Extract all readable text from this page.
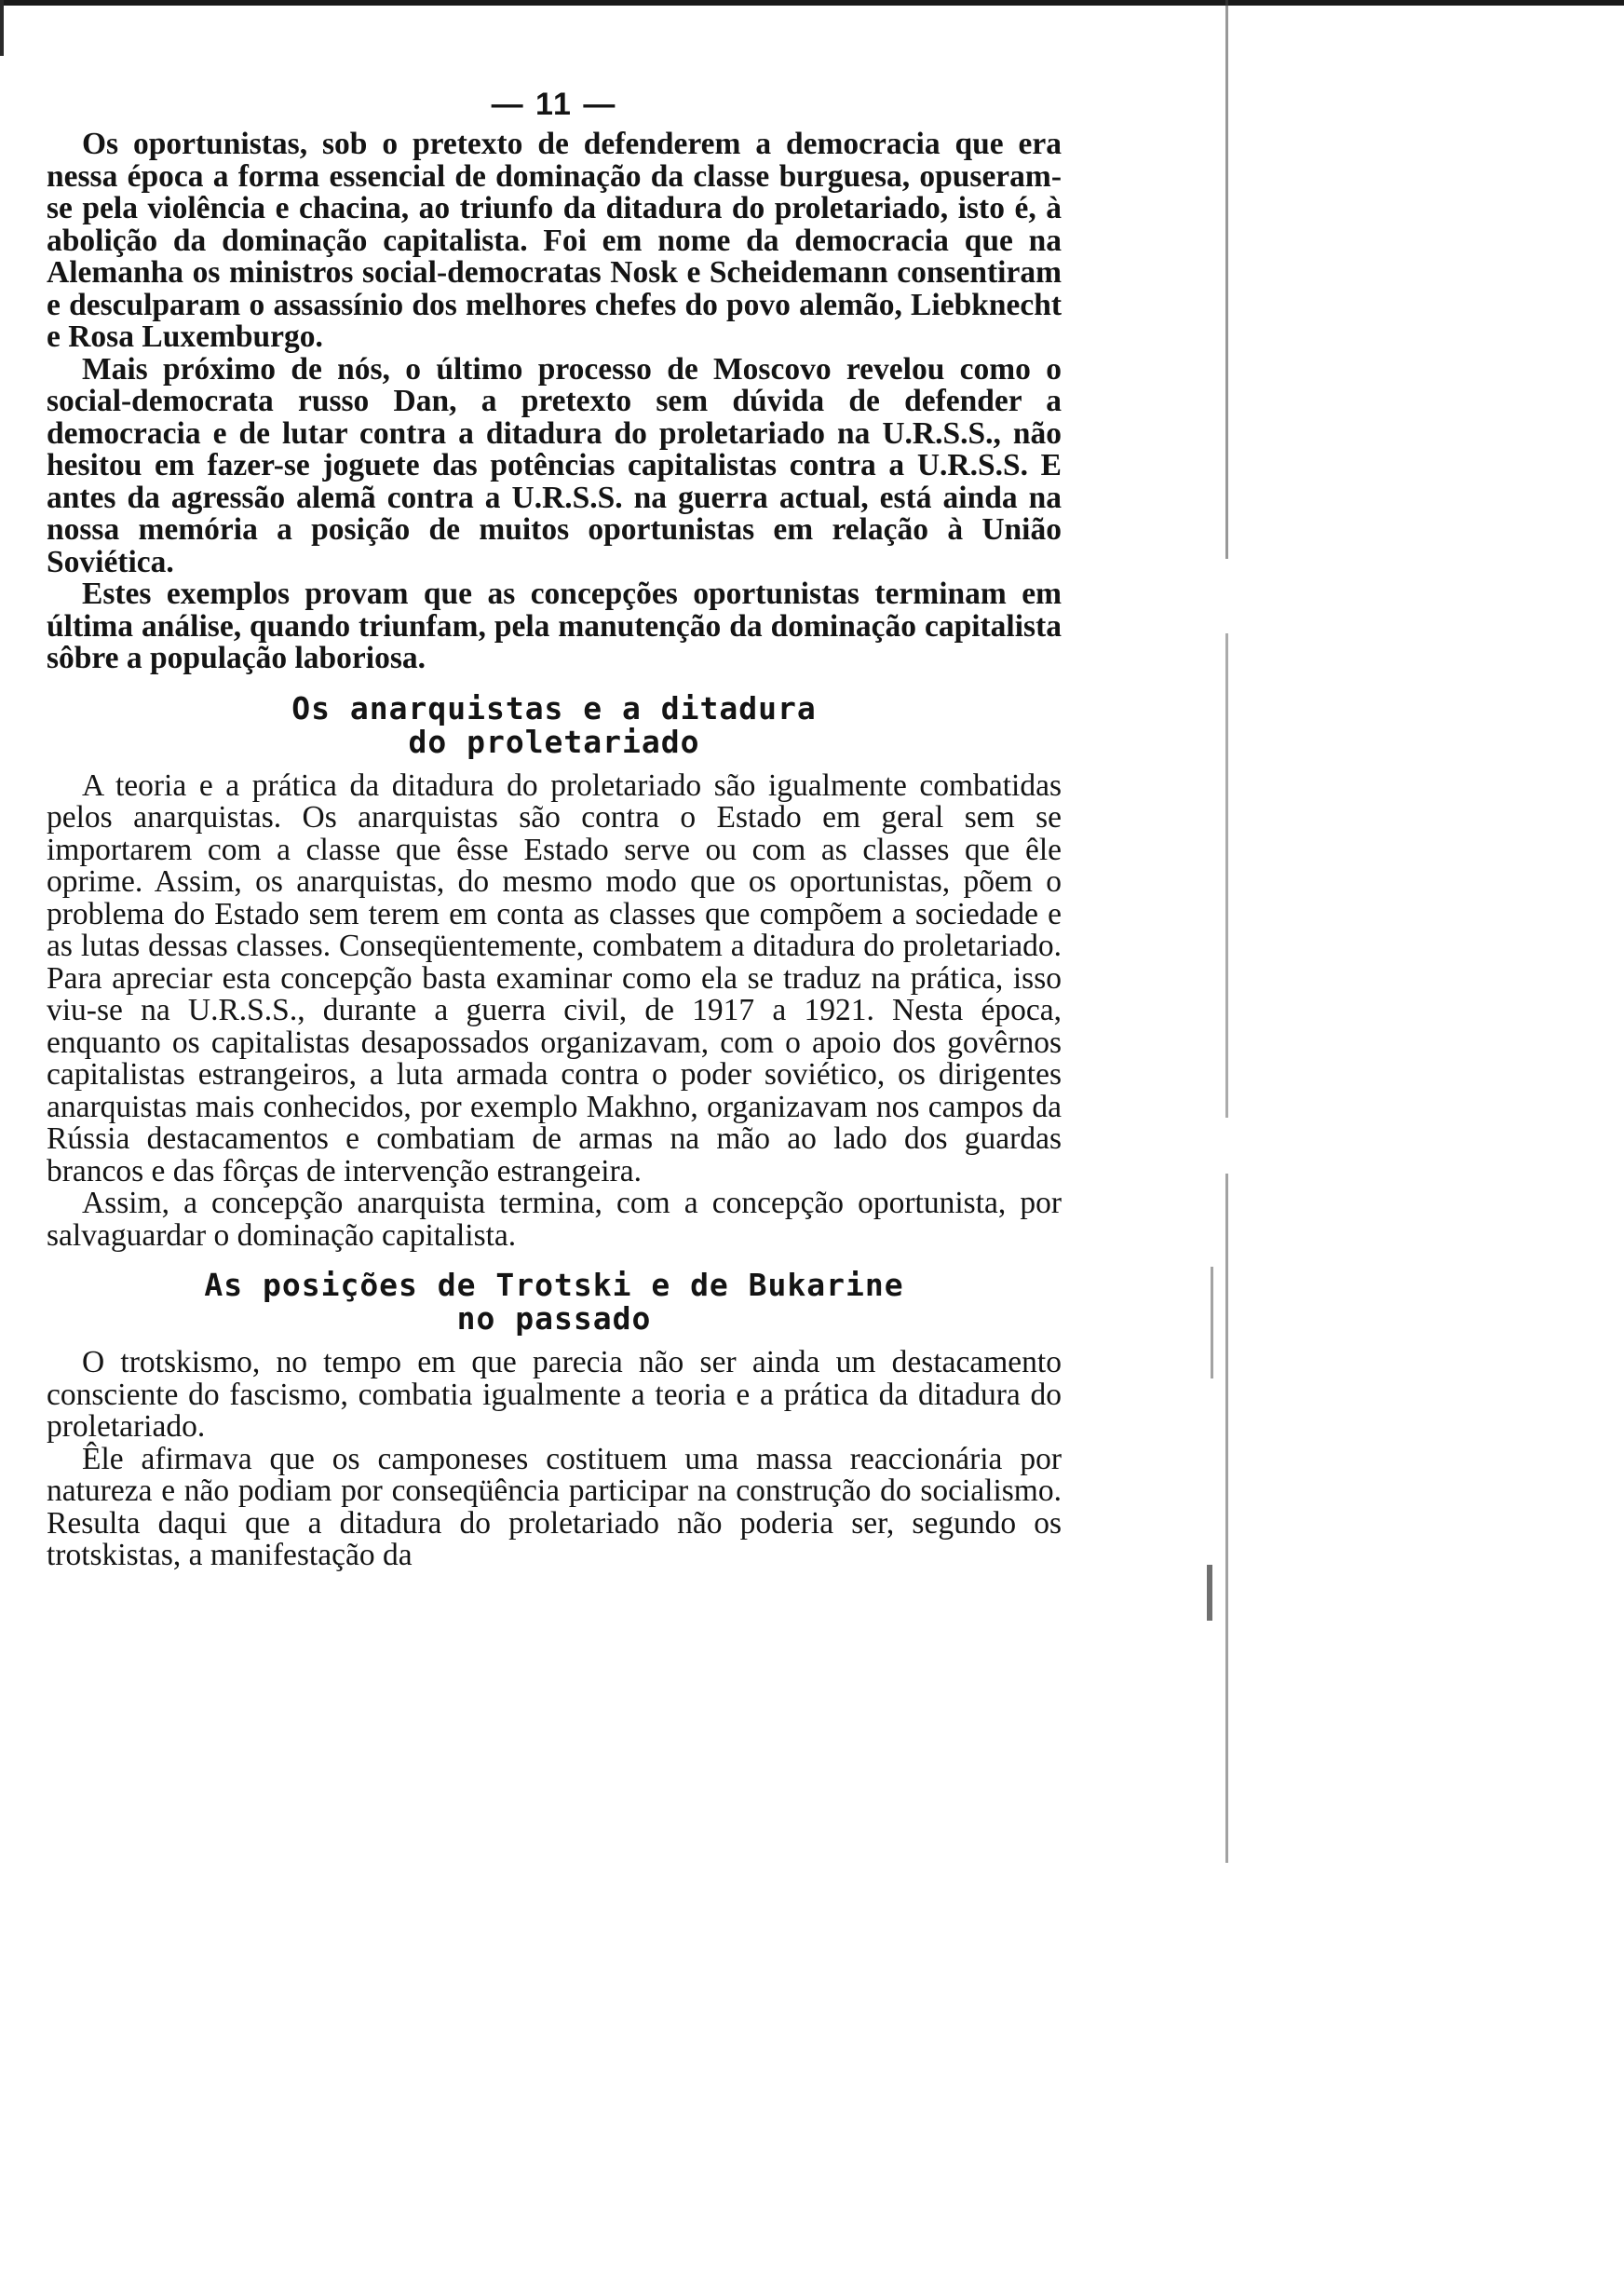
— 11 —

Os oportunistas, sob o pretexto de defenderem a democracia que era nessa época a forma essencial de dominação da classe burguesa, opuseram-se pela violência e chacina, ao triunfo da ditadura do proletariado, isto é, à abolição da dominação capitalista. Foi em nome da democracia que na Alemanha os ministros social-democratas Nosk e Scheidemann consentiram e desculparam o assassínio dos melhores chefes do povo alemão, Liebknecht e Rosa Luxemburgo.

Mais próximo de nós, o último processo de Moscovo revelou como o social-democrata russo Dan, a pretexto sem dúvida de defender a democracia e de lutar contra a ditadura do proletariado na U.R.S.S., não hesitou em fazer-se joguete das potências capitalistas contra a U.R.S.S. E antes da agressão alemã contra a U.R.S.S. na guerra actual, está ainda na nossa memória a posição de muitos oportunistas em relação à União Soviética.

Estes exemplos provam que as concepções oportunistas terminam em última análise, quando triunfam, pela manutenção da dominação capitalista sôbre a população laboriosa.

Os anarquistas e a ditadura
do proletariado

A teoria e a prática da ditadura do proletariado são igualmente combatidas pelos anarquistas. Os anarquistas são contra o Estado em geral sem se importarem com a classe que êsse Estado serve ou com as classes que êle oprime. Assim, os anarquistas, do mesmo modo que os oportunistas, põem o problema do Estado sem terem em conta as classes que compõem a sociedade e as lutas dessas classes. Conseqüentemente, combatem a ditadura do proletariado. Para apreciar esta concepção basta examinar como ela se traduz na prática, isso viu-se na U.R.S.S., durante a guerra civil, de 1917 a 1921. Nesta época, enquanto os capitalistas desapossados organizavam, com o apoio dos govêrnos capitalistas estrangeiros, a luta armada contra o poder soviético, os dirigentes anarquistas mais conhecidos, por exemplo Makhno, organizavam nos campos da Rússia destacamentos e combatiam de armas na mão ao lado dos guardas brancos e das fôrças de intervenção estrangeira.

Assim, a concepção anarquista termina, com a concepção oportunista, por salvaguardar o dominação capitalista.

As posições de Trotski e de Bukarine
no passado

O trotskismo, no tempo em que parecia não ser ainda um destacamento consciente do fascismo, combatia igualmente a teoria e a prática da ditadura do proletariado.

Êle afirmava que os camponeses costituem uma massa reaccionária por natureza e não podiam por conseqüência participar na construção do socialismo. Resulta daqui que a ditadura do proletariado não poderia ser, segundo os trotskistas, a manifestação da
